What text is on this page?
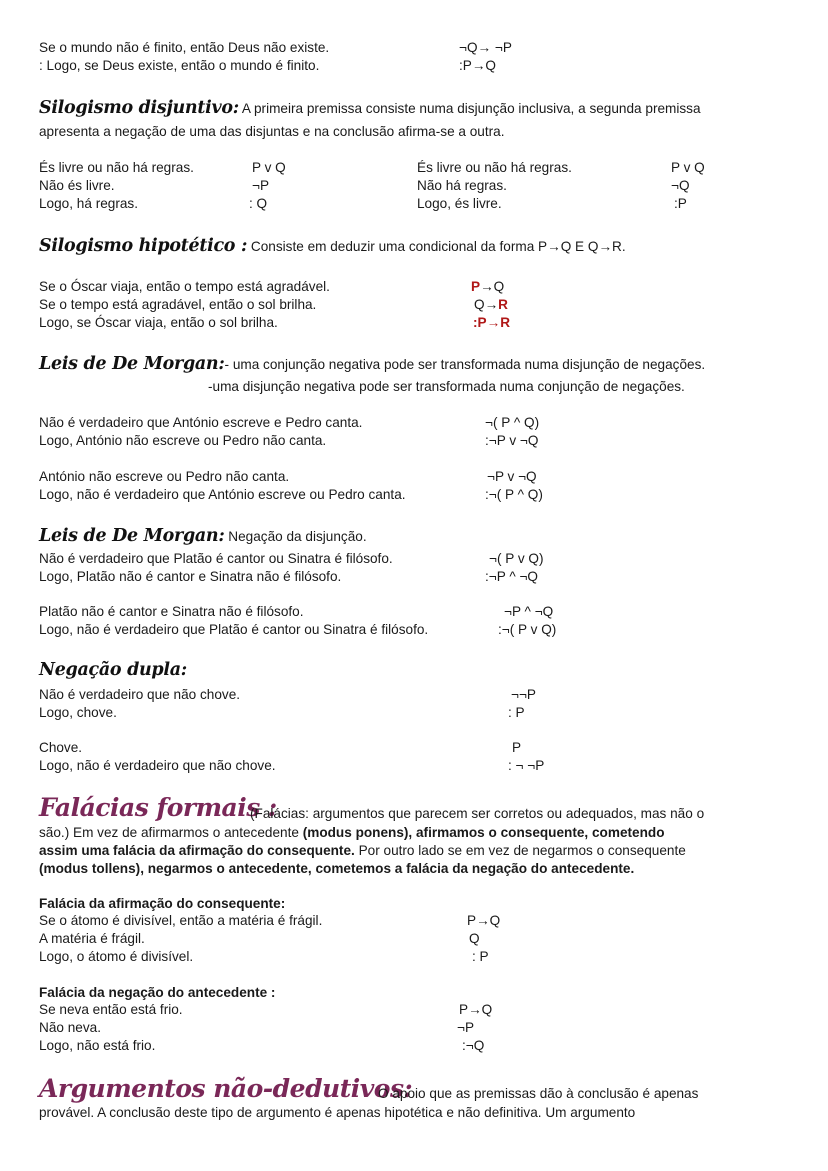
Se o mundo não é finito, então Deus não existe.
: Logo, se Deus existe, então o mundo é finito.
¬Q→ ¬P
:P→Q
Silogismo disjuntivo: A primeira premissa consiste numa disjunção inclusiva, a segunda premissa
apresenta a negação de uma das disjuntas e na conclusão afirma-se a outra.
És livre ou não há regras.
Não és livre.
Logo, há regras.
P v Q
¬P
: Q
És livre ou não há regras.
Não há regras.
Logo, és livre.
P v Q
¬Q
:P
Silogismo hipotético : Consiste em deduzir uma condicional da forma P→Q E Q→R.
Se o Óscar viaja, então o tempo está agradável.
Se o tempo está agradável, então o sol brilha.
Logo, se Óscar viaja, então o sol brilha.
P→Q
Q→R
:P→R
Leis de De Morgan:- uma conjunção negativa pode ser transformada numa disjunção de negações.
-uma disjunção negativa pode ser transformada numa conjunção de negações.
Não é verdadeiro que António escreve e Pedro canta.
Logo, António não escreve ou Pedro não canta.
¬( P ^ Q)
:¬P v ¬Q
António não escreve ou Pedro não canta.
Logo, não é verdadeiro que António escreve ou Pedro canta.
¬P v ¬Q
:¬( P ^ Q)
Leis de De Morgan: Negação da disjunção.
Não é verdadeiro que Platão é cantor ou Sinatra é filósofo.
Logo, Platão não é cantor e Sinatra não é filósofo.
¬( P v Q)
:¬P ^ ¬Q
Platão não é cantor e Sinatra não é filósofo.
Logo, não é verdadeiro que Platão é cantor ou Sinatra é filósofo.
¬P ^ ¬Q
:¬( P v Q)
Negação dupla:
Não é verdadeiro que não chove.
Logo, chove.
¬¬P
: P
Chove.
Logo, não é verdadeiro que não chove.
P
: ¬ ¬P
Falácias formais :
(Falácias: argumentos que parecem ser corretos ou adequados, mas não o
são.) Em vez de afirmarmos o antecedente (modus ponens), afirmamos o consequente, cometendo
assim uma falácia da afirmação do consequente. Por outro lado se em vez de negarmos o consequente
(modus tollens), negarmos o antecedente, cometemos a falácia da negação do antecedente.
Falácia da afirmação do consequente:
Se o átomo é divisível, então a matéria é frágil.
A matéria é frágil.
Logo, o átomo é divisível.
P→Q
Q
: P
Falácia da negação do antecedente :
Se neva então está frio.
Não neva.
Logo, não está frio.
P→Q
¬P
:¬Q
Argumentos não-dedutivos:
O apoio que as premissas dão à conclusão é apenas
provável. A conclusão deste tipo de argumento é apenas hipotética e não definitiva. Um argumento
